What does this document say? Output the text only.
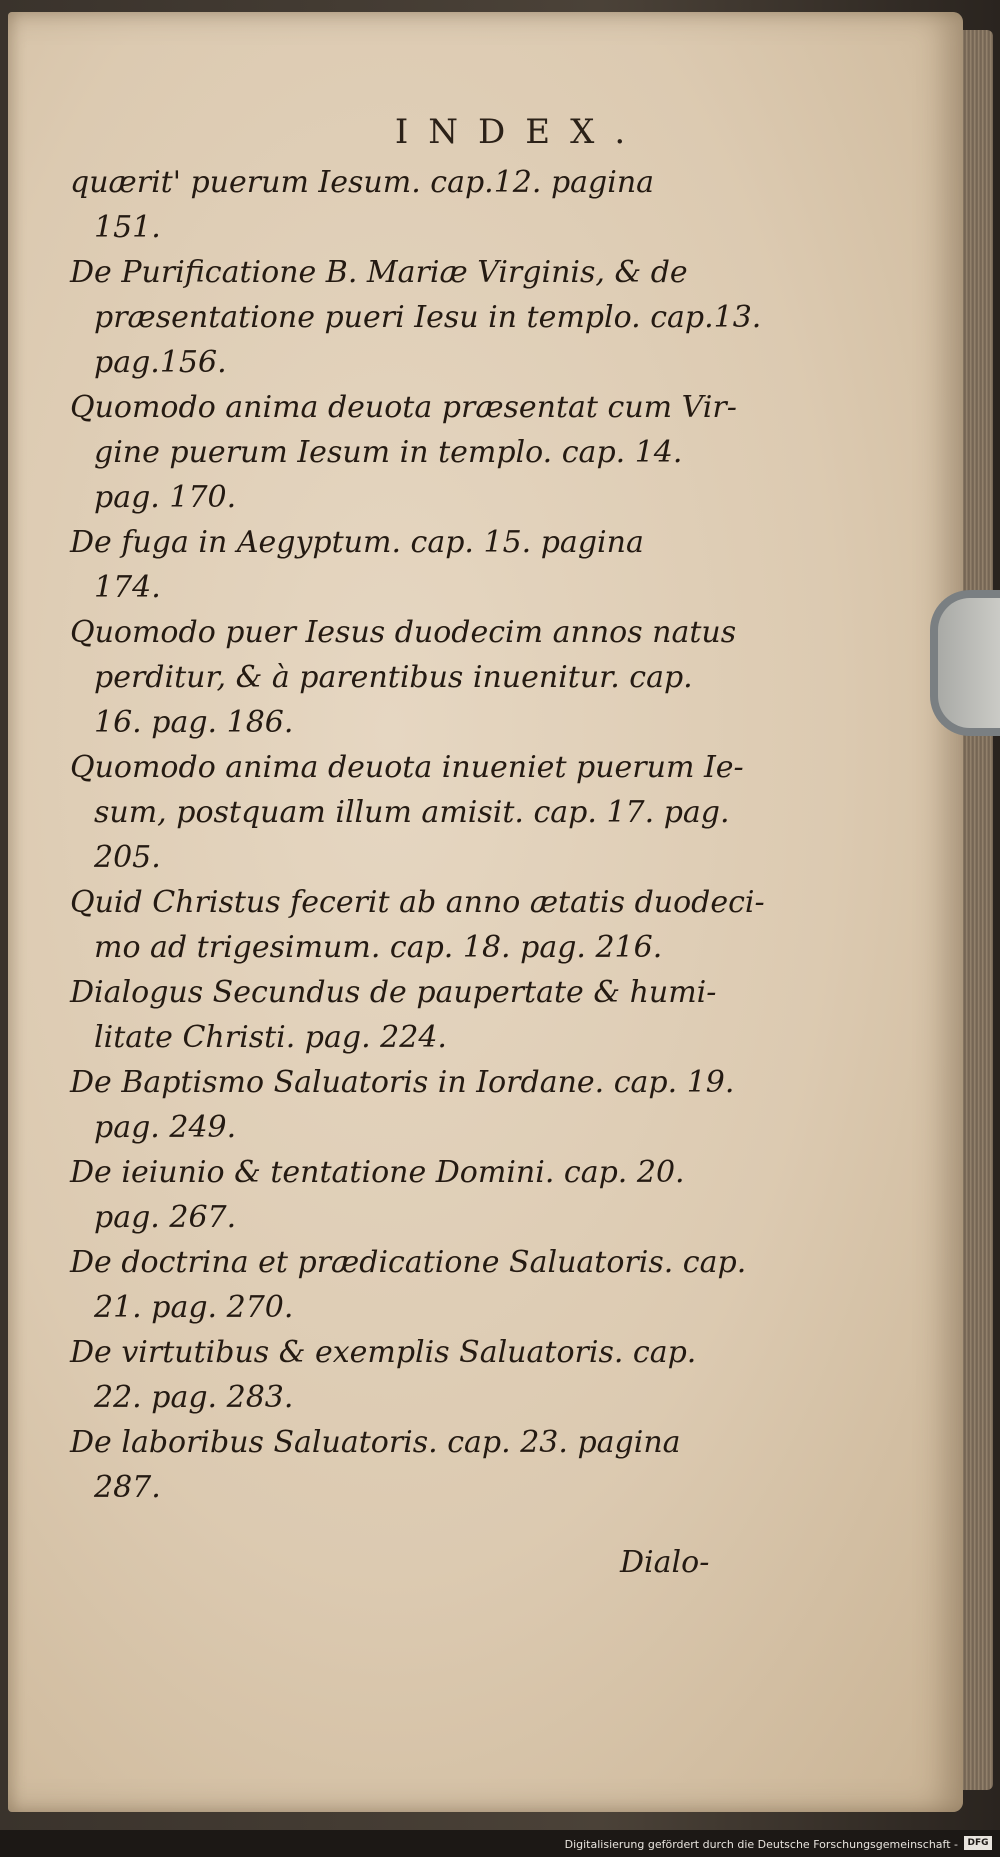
INDEX.
quærit' puerum Iesum. cap.12. pagina
151.
De Purificatione B. Mariæ Virginis, & de
præsentatione pueri Iesu in templo. cap.13.
pag.156.
Quomodo anima deuota præsentat cum Vir-
gine puerum Iesum in templo. cap. 14.
pag. 170.
De fuga in Aegyptum. cap. 15. pagina
174.
Quomodo puer Iesus duodecim annos natus
perditur, & à parentibus inuenitur. cap.
16. pag. 186.
Quomodo anima deuota inueniet puerum Ie-
sum, postquam illum amisit. cap. 17. pag.
205.
Quid Christus fecerit ab anno ætatis duodeci-
mo ad trigesimum. cap. 18. pag. 216.
Dialogus Secundus de paupertate & humi-
litate Christi. pag. 224.
De Baptismo Saluatoris in Iordane. cap. 19.
pag. 249.
De ieiunio & tentatione Domini. cap. 20.
pag. 267.
De doctrina et prædicatione Saluatoris. cap.
21. pag. 270.
De virtutibus & exemplis Saluatoris. cap.
22. pag. 283.
De laboribus Saluatoris. cap. 23. pagina
287.
Dialo-
Digitalisierung gefördert durch die Deutsche Forschungsgemeinschaft -	DFG
